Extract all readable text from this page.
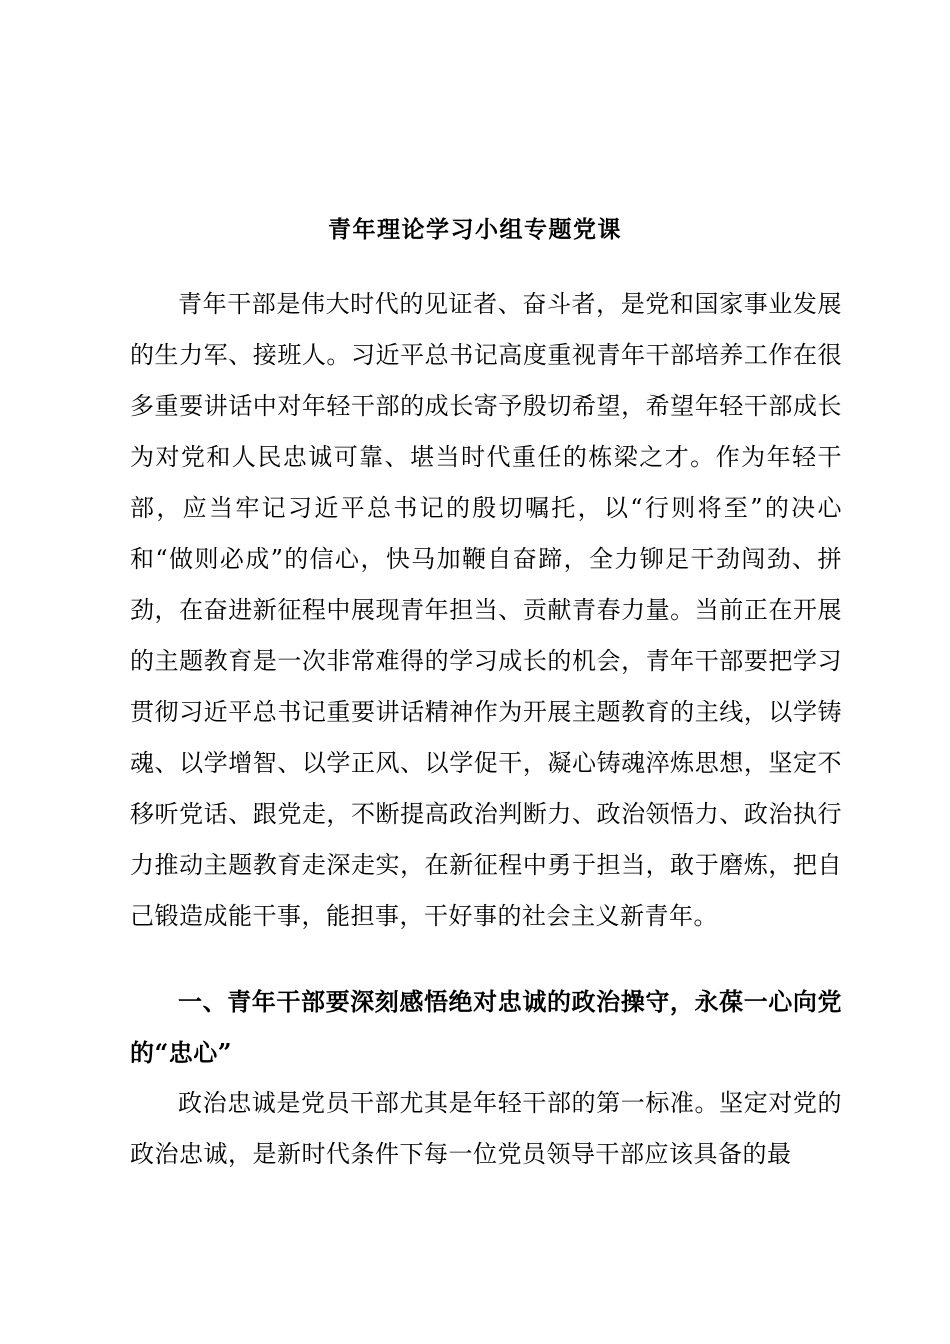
青年理论学习小组专题党课

青年干部是伟大时代的见证者、奋斗者，是党和国家事业发展的生力军、接班人。习近平总书记高度重视青年干部培养工作在很多重要讲话中对年轻干部的成长寄予殷切希望，希望年轻干部成长为对党和人民忠诚可靠、堪当时代重任的栋梁之才。作为年轻干部，应当牢记习近平总书记的殷切嘱托，以“行则将至”的决心和“做则必成”的信心，快马加鞭自奋蹄，全力铆足干劲闯劲、拼劲，在奋进新征程中展现青年担当、贡献青春力量。当前正在开展的主题教育是一次非常难得的学习成长的机会，青年干部要把学习贯彻习近平总书记重要讲话精神作为开展主题教育的主线，以学铸魂、以学增智、以学正风、以学促干，凝心铸魂淬炼思想，坚定不移听党话、跟党走，不断提高政治判断力、政治领悟力、政治执行力推动主题教育走深走实，在新征程中勇于担当，敢于磨炼，把自己锻造成能干事，能担事，干好事的社会主义新青年。

一、青年干部要深刻感悟绝对忠诚的政治操守，永葆一心向党的“忠心”

政治忠诚是党员干部尤其是年轻干部的第一标准。坚定对党的政治忠诚，是新时代条件下每一位党员领导干部应该具备的最
